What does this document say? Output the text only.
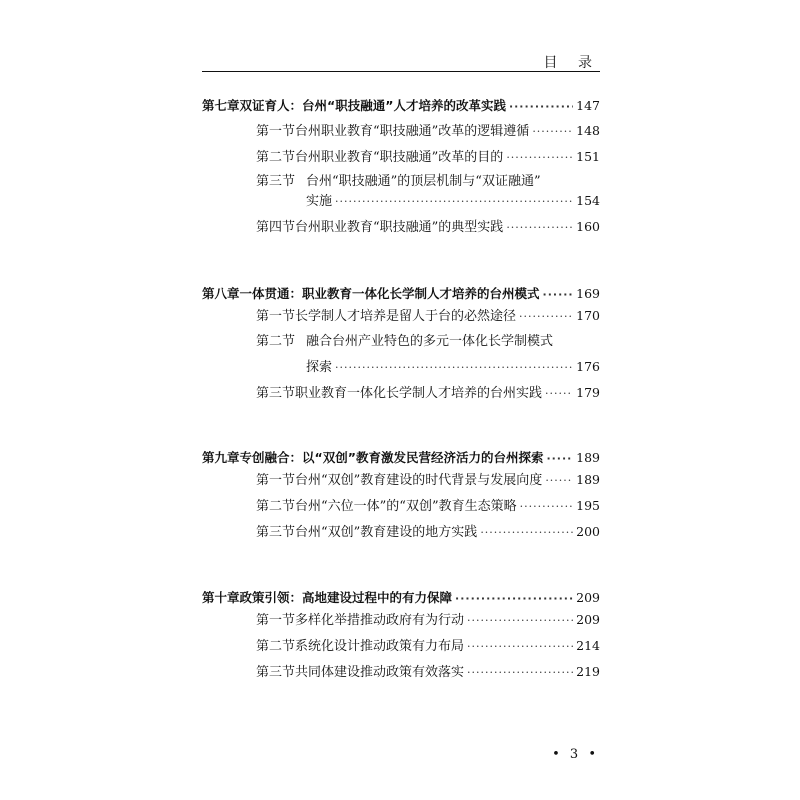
目 录
第七章 双证育人：台州“职技融通”人才培养的改革实践 ·····	147
第一节 台州职业教育“职技融通”改革的逻辑遵循 ·····	148
第二节 台州职业教育“职技融通”改革的目的 ·····	151
第三节 台州“职技融通”的顶层机制与“双证融通”
实施 ·····	154
第四节 台州职业教育“职技融通”的典型实践 ·····	160
第八章 一体贯通：职业教育一体化长学制人才培养的台州模式 ·····	169
第一节 长学制人才培养是留人于台的必然途径 ·····	170
第二节 融合台州产业特色的多元一体化长学制模式
探索 ·····	176
第三节 职业教育一体化长学制人才培养的台州实践 ·····	179
第九章 专创融合：以“双创”教育激发民营经济活力的台州探索 ·····	189
第一节 台州“双创”教育建设的时代背景与发展向度 ·····	189
第二节 台州“六位一体”的“双创”教育生态策略 ·····	195
第三节 台州“双创”教育建设的地方实践 ·····	200
第十章 政策引领：高地建设过程中的有力保障 ·····	209
第一节 多样化举措推动政府有为行动 ·····	209
第二节 系统化设计推动政策有力布局 ·····	214
第三节 共同体建设推动政策有效落实 ·····	219
• 3 •
